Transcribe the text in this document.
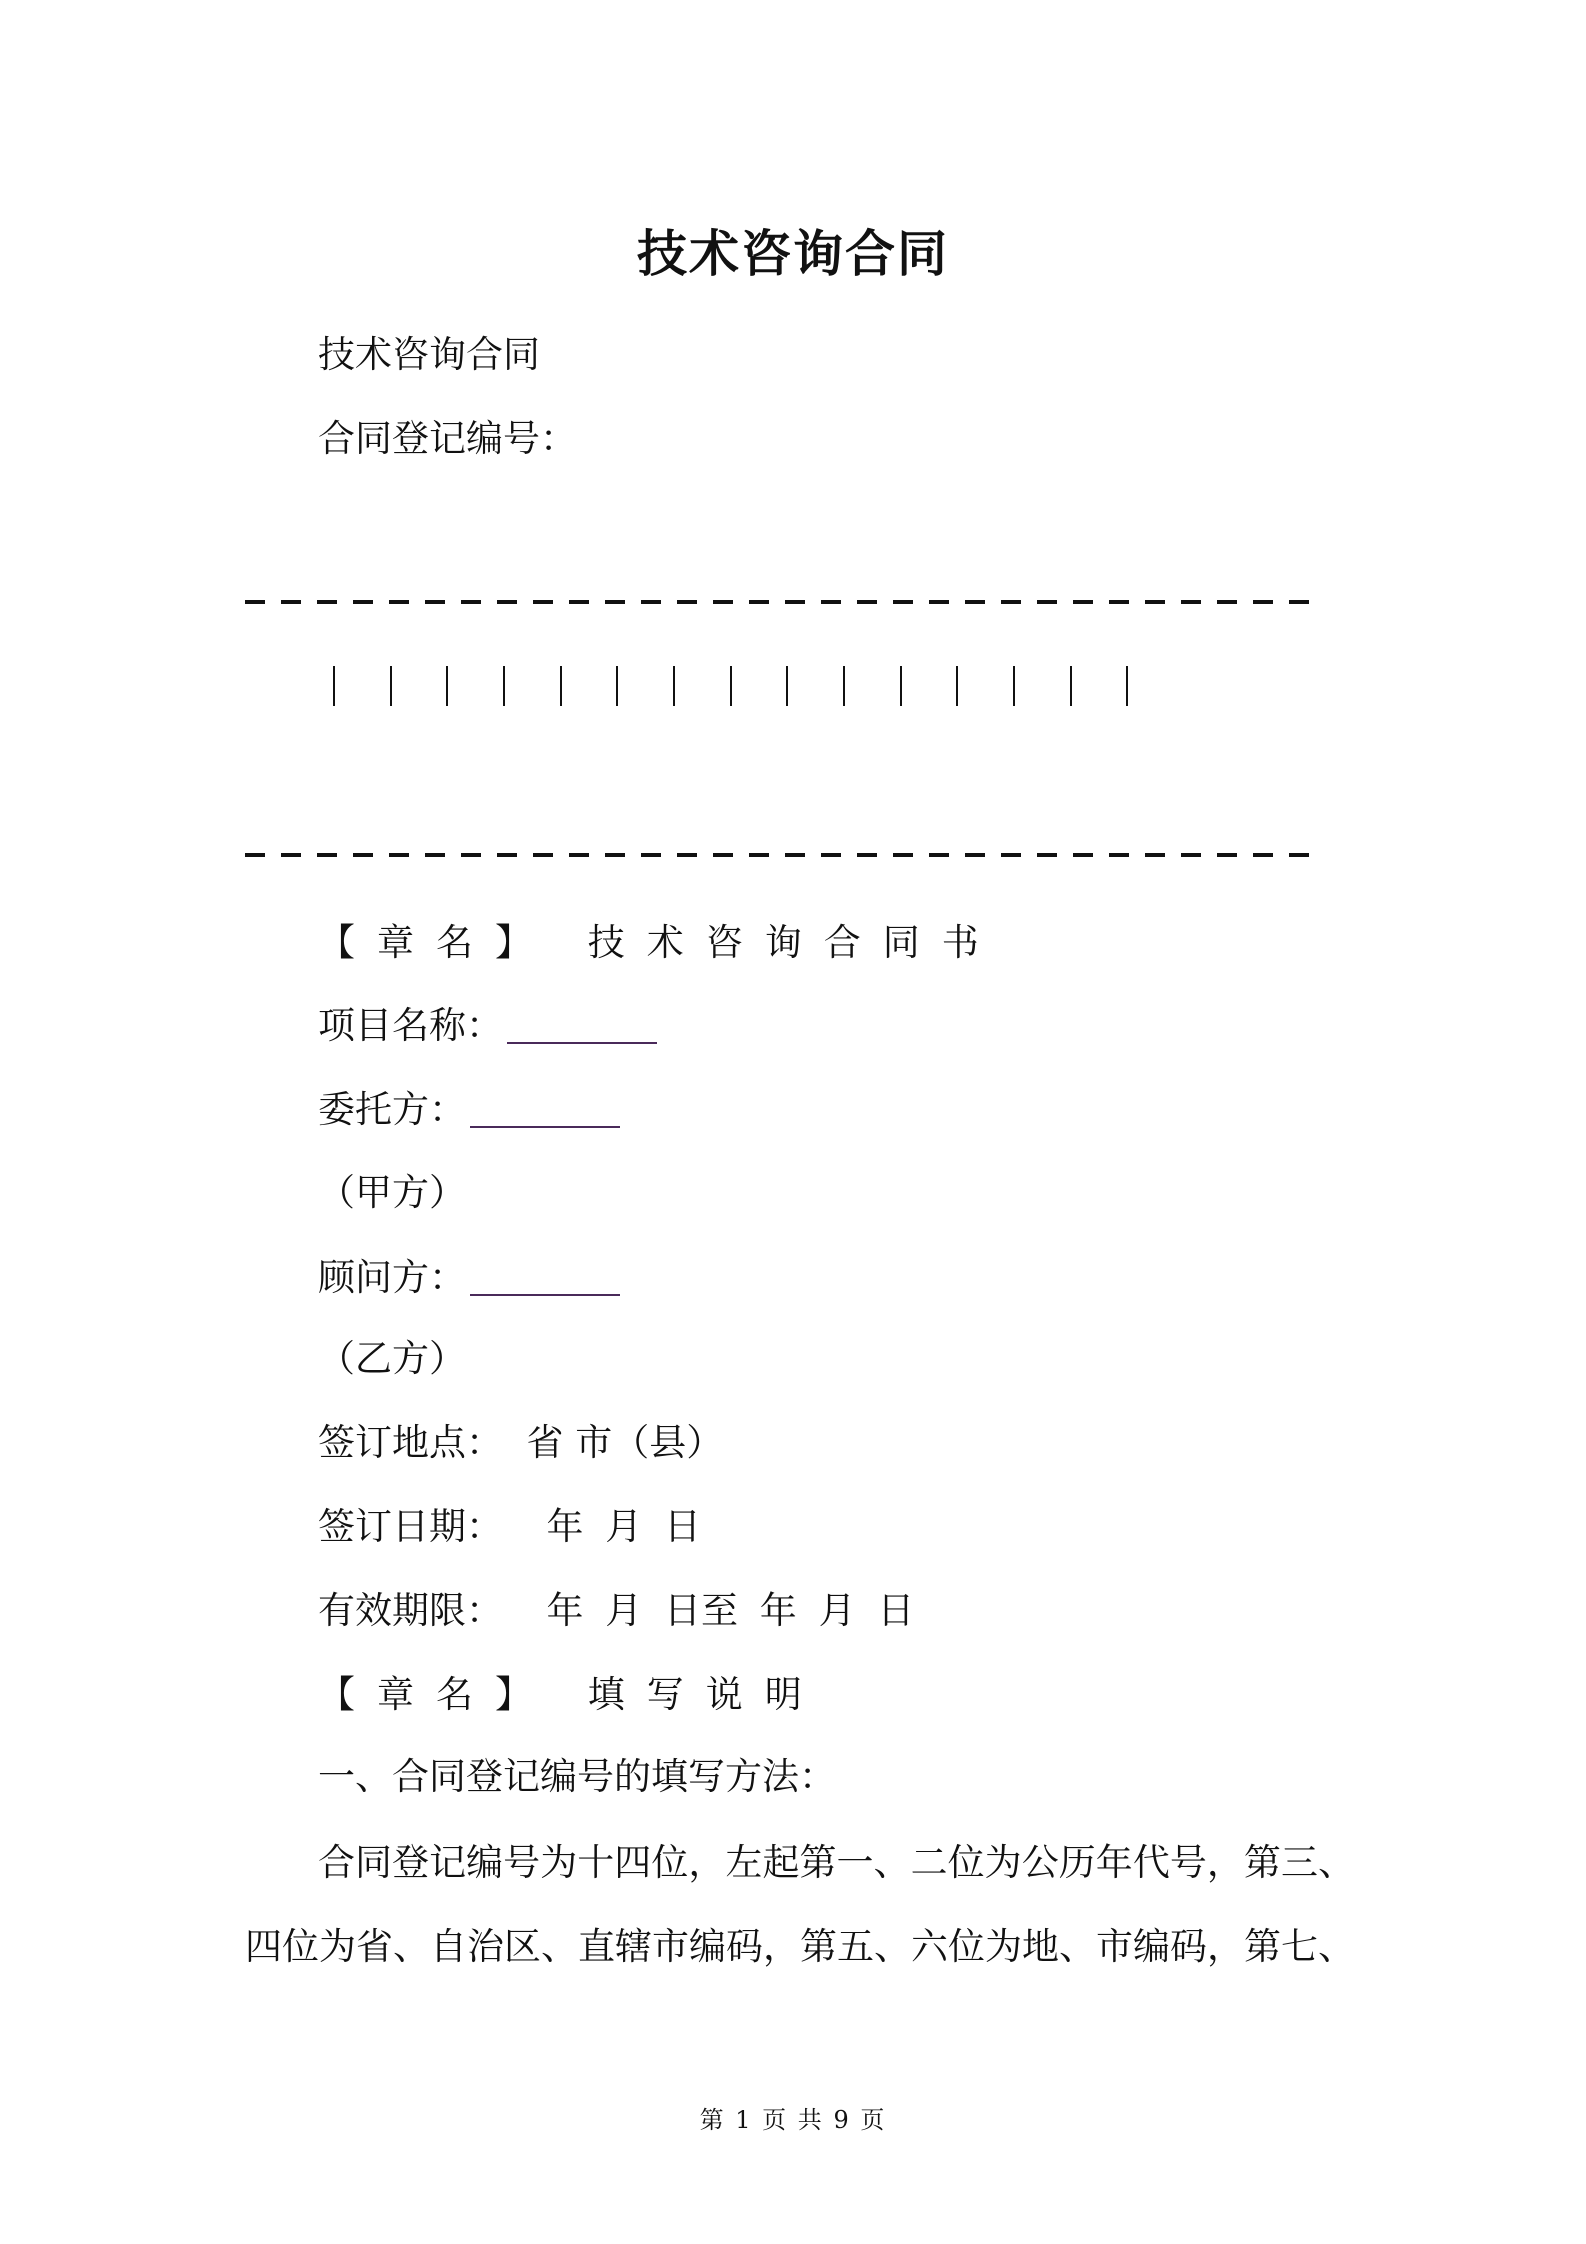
技术咨询合同
技术咨询合同
合同登记编号：
【章名】 技术咨询合同书
项目名称：
委托方：
（甲方）
顾问方：
（乙方）
签订地点：  省 市（县）
签订日期：  年 月 日
有效期限：  年 月 日至 年 月 日
【章名】 填写说明
一、合同登记编号的填写方法：
合同登记编号为十四位，左起第一、二位为公历年代号，第三、四位为省、自治区、直辖市编码，第五、六位为地、市编码，第七、
第 1 页 共 9 页
